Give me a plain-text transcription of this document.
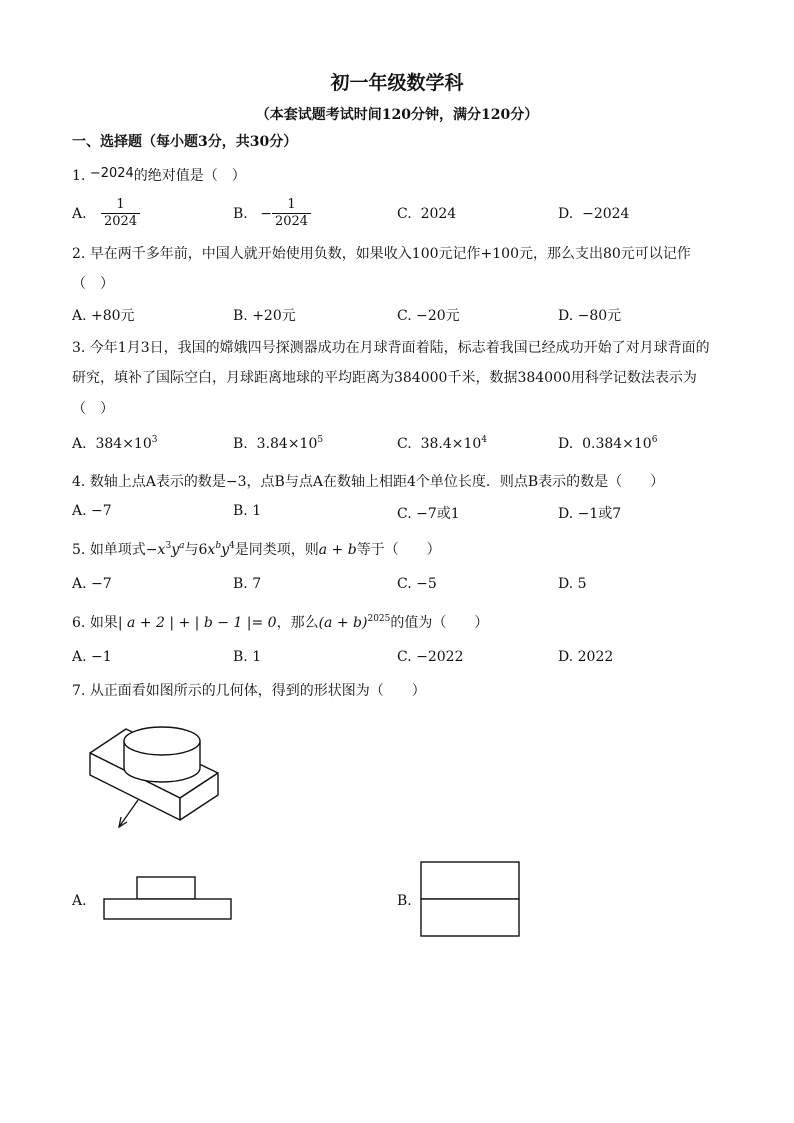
初一年级数学科
（本套试题考试时间120分钟，满分120分）
一、选择题（每小题3分，共30分）
1. −2024的绝对值是（　）
A. $\frac{1}{2024}$	B. − $\frac{1}{2024}$	C. 2024	D. −2024
2. 早在两千多年前，中国人就开始使用负数，如果收入100元记作+100元，那么支出80元可以记作
（　）
A. +80元	B. +20元	C. −20元	D. −80元
3. 今年1月3日，我国的嫦娥四号探测器成功在月球背面着陆，标志着我国已经成功开始了对月球背面的
研究，填补了国际空白，月球距离地球的平均距离为384000千米，数据384000用科学记数法表示为
（　）
A. $384\times 10^3$	B. $3.84\times 10^5$	C. $38.4\times 10^4$	D. $0.384\times 10^6$
4. 数轴上点A表示的数是−3，点B与点A在数轴上相距4个单位长度．则点B表示的数是（　　）
A. −7	B. 1	C. −7或1	D. −1或7
5. 如单项式$-x^3y^a$与$6x^by^4$是同类项，则a + b等于（　　）
A. −7	B. 7	C. −5	D. 5
6. 如果| a + 2 | + | b − 1 |= 0，那么$(a + b)^{2025}$的值为（　　）
A. −1	B. 1	C. −2022	D. 2022
7. 从正面看如图所示的几何体，得到的形状图为（　　）
A.	B.
